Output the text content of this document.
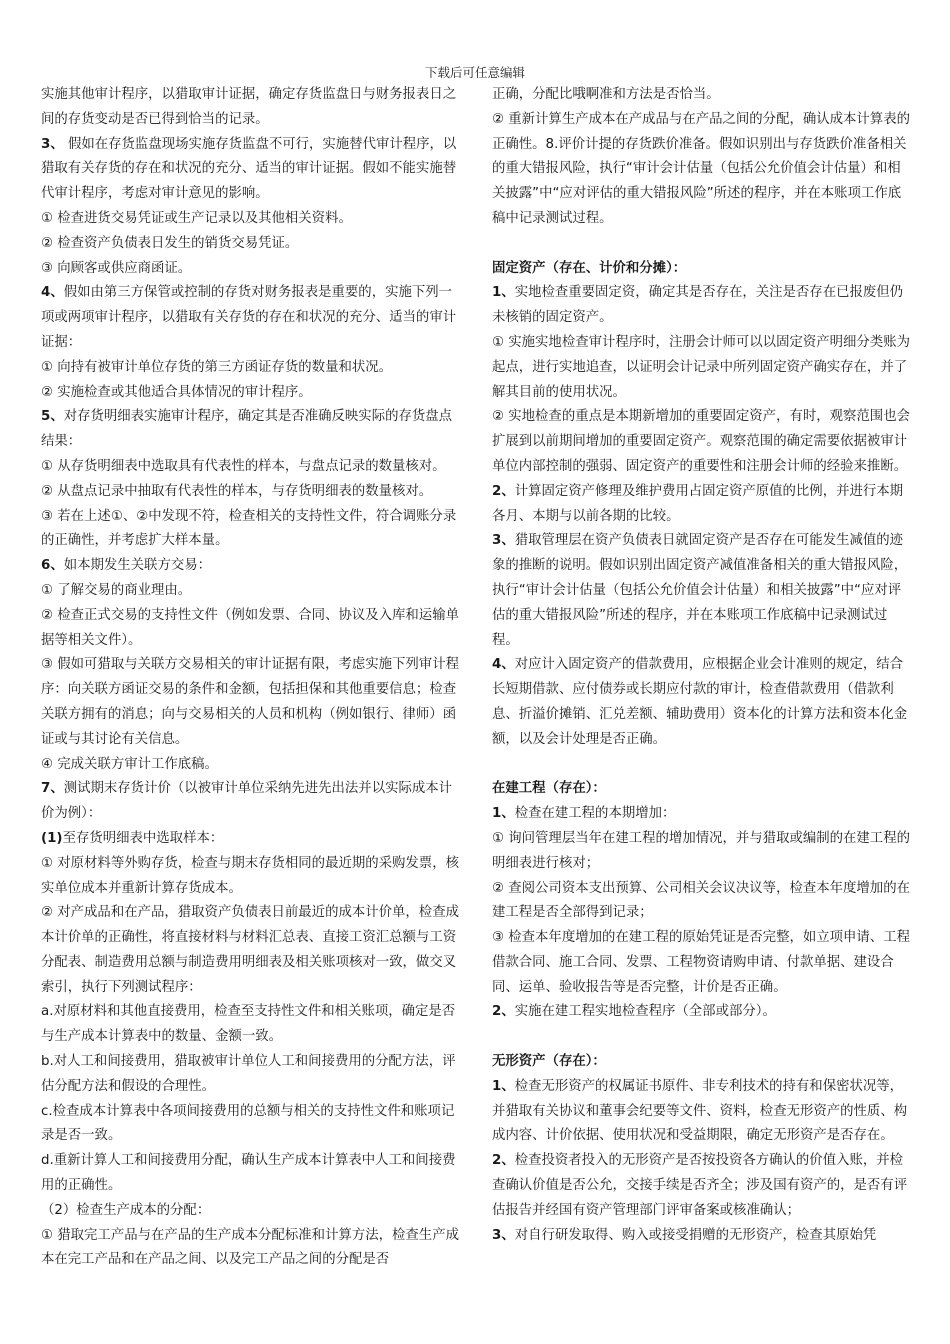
下载后可任意编辑

实施其他审计程序，以猎取审计证据，确定存货监盘日与财务报表日之间的存货变动是否已得到恰当的记录。

3、 假如在存货监盘现场实施存货监盘不可行，实施替代审计程序，以猎取有关存货的存在和状况的充分、适当的审计证据。假如不能实施替代审计程序，考虑对审计意见的影响。

① 检查进货交易凭证或生产记录以及其他相关资料。

② 检查资产负债表日发生的销货交易凭证。

③ 向顾客或供应商函证。

4、假如由第三方保管或控制的存货对财务报表是重要的，实施下列一项或两项审计程序，以猎取有关存货的存在和状况的充分、适当的审计证据：

① 向持有被审计单位存货的第三方函证存货的数量和状况。

② 实施检查或其他适合具体情况的审计程序。

5、对存货明细表实施审计程序，确定其是否准确反映实际的存货盘点结果：

① 从存货明细表中选取具有代表性的样本，与盘点记录的数量核对。

② 从盘点记录中抽取有代表性的样本，与存货明细表的数量核对。

③ 若在上述①、②中发现不符，检查相关的支持性文件，符合调账分录的正确性，并考虑扩大样本量。

6、如本期发生关联方交易：

① 了解交易的商业理由。

② 检查正式交易的支持性文件（例如发票、合同、协议及入库和运输单据等相关文件）。

③ 假如可猎取与关联方交易相关的审计证据有限，考虑实施下列审计程序：向关联方函证交易的条件和金额，包括担保和其他重要信息；检查关联方拥有的消息；向与交易相关的人员和机构（例如银行、律师）函证或与其讨论有关信息。

④ 完成关联方审计工作底稿。

7、测试期末存货计价（以被审计单位采纳先进先出法并以实际成本计价为例）：

(1)至存货明细表中选取样本：

① 对原材料等外购存货，检查与期末存货相同的最近期的采购发票，核实单位成本并重新计算存货成本。

② 对产成品和在产品，猎取资产负债表日前最近的成本计价单，检查成本计价单的正确性，将直接材料与材料汇总表、直接工资汇总额与工资分配表、制造费用总额与制造费用明细表及相关账项核对一致，做交叉索引，执行下列测试程序：

a.对原材料和其他直接费用，检查至支持性文件和相关账项，确定是否与生产成本计算表中的数量、金额一致。

b.对人工和间接费用，猎取被审计单位人工和间接费用的分配方法，评估分配方法和假设的合理性。

c.检查成本计算表中各项间接费用的总额与相关的支持性文件和账项记录是否一致。

d.重新计算人工和间接费用分配，确认生产成本计算表中人工和间接费用的正确性。

（2）检查生产成本的分配：

① 猎取完工产品与在产品的生产成本分配标准和计算方法，检查生产成本在完工产品和在产品之间、以及完工产品之间的分配是否

正确，分配比哦啊准和方法是否恰当。

② 重新计算生产成本在产成品与在产品之间的分配，确认成本计算表的正确性。8.评价计提的存货跌价准备。假如识别出与存货跌价准备相关的重大错报风险，执行“审计会计估量（包括公允价值会计估量）和相关披露”中“应对评估的重大错报风险”所述的程序，并在本账项工作底稿中记录测试过程。

固定资产（存在、计价和分摊）：

1、实地检查重要固定资，确定其是否存在，关注是否存在已报废但仍未核销的固定资产。

① 实施实地检查审计程序时，注册会计师可以以固定资产明细分类账为起点，进行实地追查，以证明会计记录中所列固定资产确实存在，并了解其目前的使用状况。

② 实地检查的重点是本期新增加的重要固定资产，有时，观察范围也会扩展到以前期间增加的重要固定资产。观察范围的确定需要依据被审计单位内部控制的强弱、固定资产的重要性和注册会计师的经验来推断。

2、计算固定资产修理及维护费用占固定资产原值的比例，并进行本期各月、本期与以前各期的比较。

3、猎取管理层在资产负债表日就固定资产是否存在可能发生减值的迹象的推断的说明。假如识别出固定资产减值准备相关的重大错报风险，执行“审计会计估量（包括公允价值会计估量）和相关披露”中“应对评估的重大错报风险”所述的程序，并在本账项工作底稿中记录测试过程。

4、对应计入固定资产的借款费用，应根据企业会计准则的规定，结合长短期借款、应付债券或长期应付款的审计，检查借款费用（借款利息、折溢价摊销、汇兑差额、辅助费用）资本化的计算方法和资本化金额，以及会计处理是否正确。

在建工程（存在）：

1、检查在建工程的本期增加：

① 询问管理层当年在建工程的增加情况，并与猎取或编制的在建工程的明细表进行核对；

② 查阅公司资本支出预算、公司相关会议决议等，检查本年度增加的在建工程是否全部得到记录；

③ 检查本年度增加的在建工程的原始凭证是否完整，如立项申请、工程借款合同、施工合同、发票、工程物资请购申请、付款单据、建设合同、运单、验收报告等是否完整，计价是否正确。

2、实施在建工程实地检查程序（全部或部分）。

无形资产（存在）：

1、检查无形资产的权属证书原件、非专利技术的持有和保密状况等，并猎取有关协议和董事会纪要等文件、资料，检查无形资产的性质、构成内容、计价依据、使用状况和受益期限，确定无形资产是否存在。

2、检查投资者投入的无形资产是否按投资各方确认的价值入账，并检查确认价值是否公允，交接手续是否齐全；涉及国有资产的，是否有评估报告并经国有资产管理部门评审备案或核准确认；

3、对自行研发取得、购入或接受捐赠的无形资产，检查其原始凭
